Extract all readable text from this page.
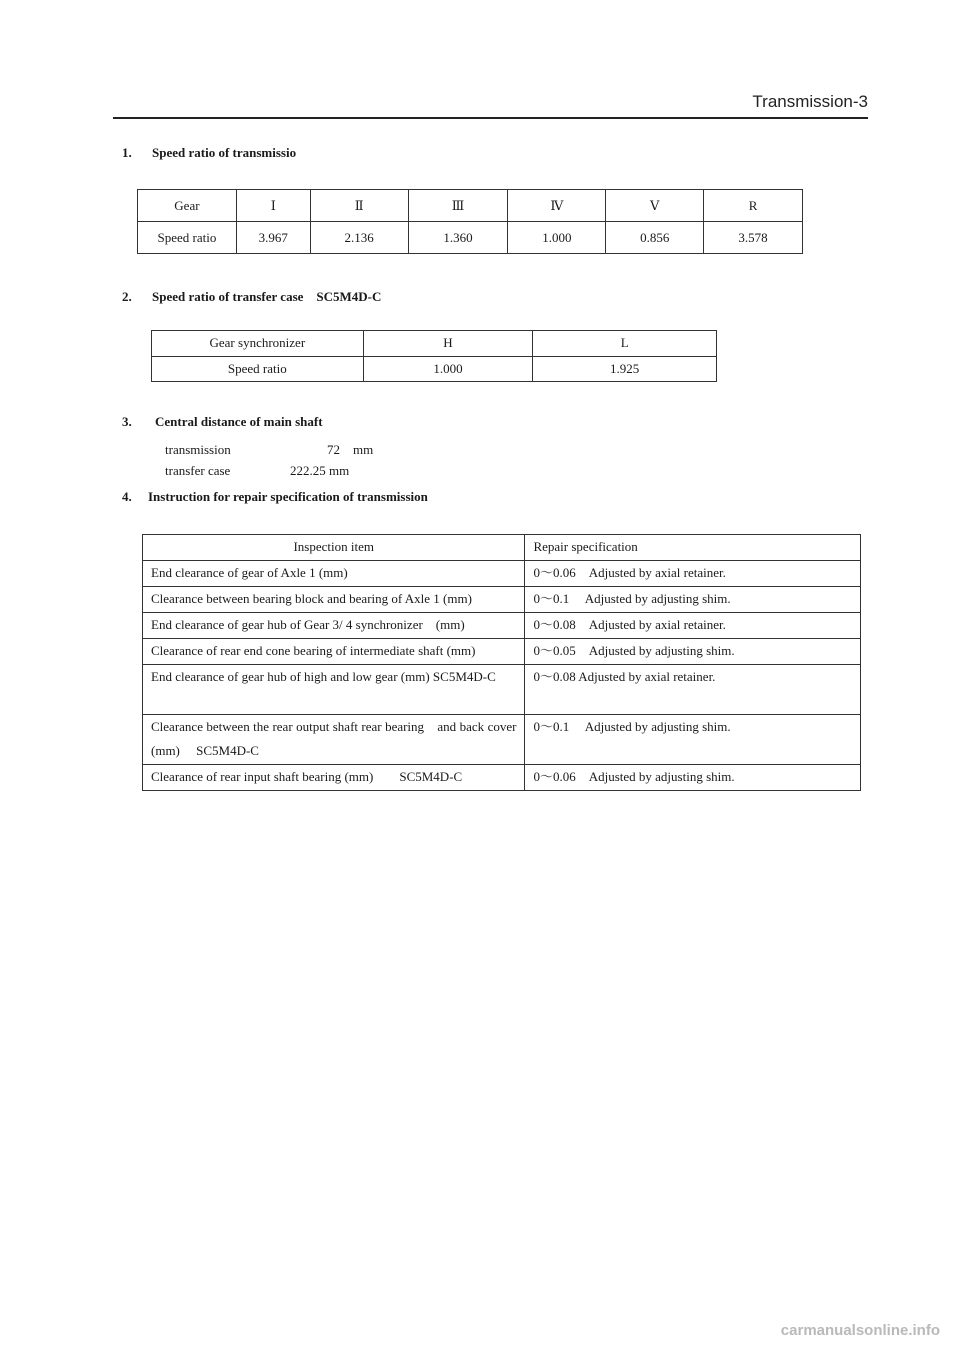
Transmission-3
1. Speed ratio of transmissio
Gear	Ⅰ	Ⅱ	Ⅲ	Ⅳ	Ⅴ	R
Speed ratio	3.967	2.136	1.360	1.000	0.856	3.578
2. Speed ratio of transfer case　SC5M4D-C
Gear synchronizer	H	L
Speed ratio	1.000	1.925
3. Central distance of main shaft
transmission	72　mm
transfer case	222.25 mm
4. Instruction for repair specification of transmission
Inspection item	Repair specification
End clearance of gear of Axle 1 (mm)	0～0.06　Adjusted by axial retainer.
Clearance between bearing block and bearing of Axle 1 (mm)	0～0.1　 Adjusted by adjusting shim.
End clearance of gear hub of Gear 3/ 4 synchronizer　(mm)	0～0.08　Adjusted by axial retainer.
Clearance of rear end cone bearing of intermediate shaft (mm)	0～0.05　Adjusted by adjusting shim.
End clearance of gear hub of high and low gear (mm) SC5M4D-C	0～0.08 Adjusted by axial retainer.
Clearance between the rear output shaft rear bearing　and back cover (mm)　 SC5M4D-C	0～0.1　 Adjusted by adjusting shim.
Clearance of rear input shaft bearing (mm)　　SC5M4D-C	0～0.06　Adjusted by adjusting shim.
carmanualsonline.info
